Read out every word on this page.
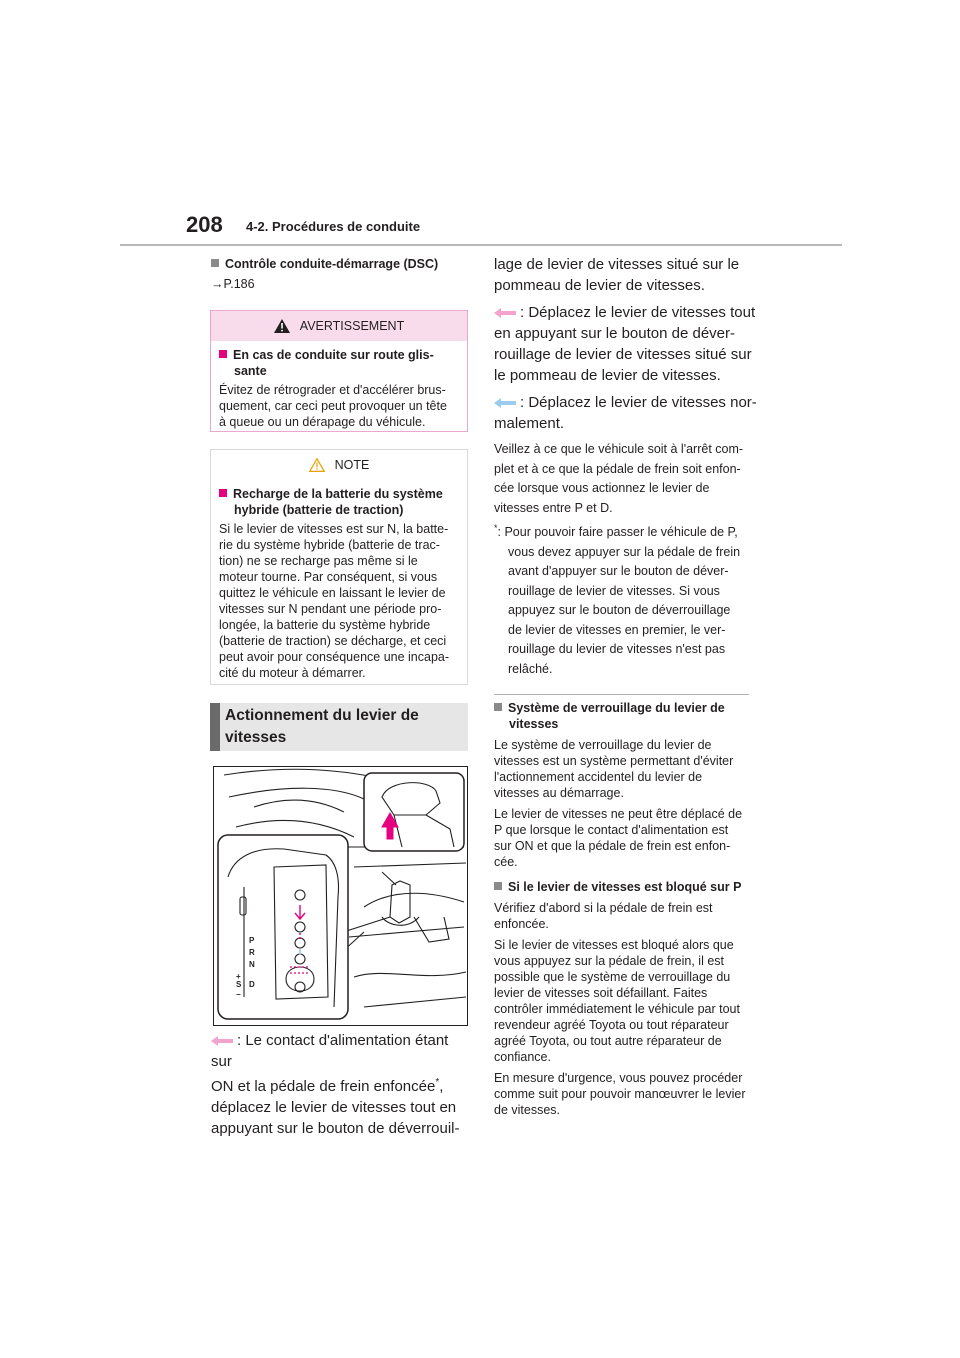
208 4-2. Procédures de conduite
Contrôle conduite-démarrage (DSC)
→P.186
AVERTISSEMENT
En cas de conduite sur route glis-
sante
Évitez de rétrograder et d'accélérer brus-
quement, car ceci peut provoquer un tête
à queue ou un dérapage du véhicule.
NOTE
Recharge de la batterie du système
hybride (batterie de traction)
Si le levier de vitesses est sur N, la batte-
rie du système hybride (batterie de trac-
tion) ne se recharge pas même si le
moteur tourne. Par conséquent, si vous
quittez le véhicule en laissant le levier de
vitesses sur N pendant une période pro-
longée, la batterie du système hybride
(batterie de traction) se décharge, et ceci
peut avoir pour conséquence une incapa-
cité du moteur à démarrer.
Actionnement du levier de
vitesses
P
R
N
+
S D
−
: Le contact d'alimentation étant sur
ON et la pédale de frein enfoncée*,
déplacez le levier de vitesses tout en
appuyant sur le bouton de déverrouil-
lage de levier de vitesses situé sur le
pommeau de levier de vitesses.
: Déplacez le levier de vitesses tout
en appuyant sur le bouton de déver-
rouillage de levier de vitesses situé sur
le pommeau de levier de vitesses.
: Déplacez le levier de vitesses nor-
malement.
Veillez à ce que le véhicule soit à l'arrêt com-
plet et à ce que la pédale de frein soit enfon-
cée lorsque vous actionnez le levier de
vitesses entre P et D.
*: Pour pouvoir faire passer le véhicule de P,
vous devez appuyer sur la pédale de frein
avant d'appuyer sur le bouton de déver-
rouillage de levier de vitesses. Si vous
appuyez sur le bouton de déverrouillage
de levier de vitesses en premier, le ver-
rouillage du levier de vitesses n'est pas
relâché.
Système de verrouillage du levier de
vitesses
Le système de verrouillage du levier de
vitesses est un système permettant d'éviter
l'actionnement accidentel du levier de
vitesses au démarrage.
Le levier de vitesses ne peut être déplacé de
P que lorsque le contact d'alimentation est
sur ON et que la pédale de frein est enfon-
cée.
Si le levier de vitesses est bloqué sur P
Vérifiez d'abord si la pédale de frein est
enfoncée.
Si le levier de vitesses est bloqué alors que
vous appuyez sur la pédale de frein, il est
possible que le système de verrouillage du
levier de vitesses soit défaillant. Faites
contrôler immédiatement le véhicule par tout
revendeur agréé Toyota ou tout réparateur
agréé Toyota, ou tout autre réparateur de
confiance.
En mesure d'urgence, vous pouvez procéder
comme suit pour pouvoir manœuvrer le levier
de vitesses.
